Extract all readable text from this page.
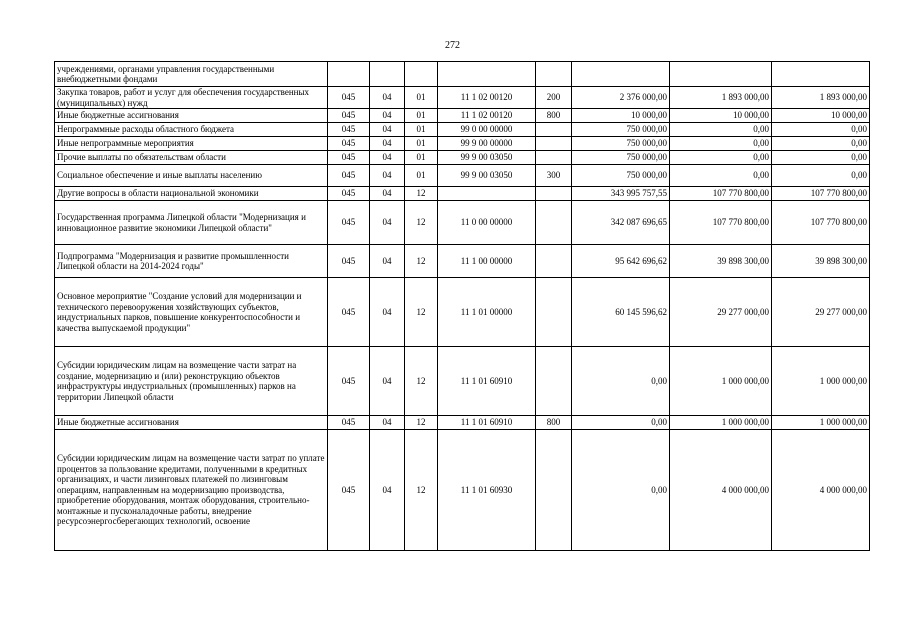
272
учреждениями, органами управления государственными внебюджетными фондами								
Закупка товаров, работ и услуг для обеспечения государственных (муниципальных) нужд	045	04	01	11 1 02 00120	200	2 376 000,00	1 893 000,00	1 893 000,00
Иные бюджетные ассигнования	045	04	01	11 1 02 00120	800	10 000,00	10 000,00	10 000,00
Непрограммные расходы областного бюджета	045	04	01	99 0 00 00000		750 000,00	0,00	0,00
Иные непрограммные мероприятия	045	04	01	99 9 00 00000		750 000,00	0,00	0,00
Прочие выплаты по обязательствам области	045	04	01	99 9 00 03050		750 000,00	0,00	0,00
Социальное обеспечение и иные выплаты населению	045	04	01	99 9 00 03050	300	750 000,00	0,00	0,00
Другие вопросы в области национальной экономики	045	04	12			343 995 757,55	107 770 800,00	107 770 800,00
Государственная программа Липецкой области "Модернизация и инновационное развитие экономики Липецкой области"	045	04	12	11 0 00 00000		342 087 696,65	107 770 800,00	107 770 800,00
Подпрограмма "Модернизация и развитие промышленности Липецкой области на 2014-2024 годы"	045	04	12	11 1 00 00000		95 642 696,62	39 898 300,00	39 898 300,00
Основное мероприятие "Создание условий для модернизации и технического перевооружения хозяйствующих субъектов, индустриальных парков, повышение конкурентоспособности и качества выпускаемой продукции"	045	04	12	11 1 01 00000		60 145 596,62	29 277 000,00	29 277 000,00
Субсидии юридическим лицам на возмещение части затрат на создание, модернизацию и (или) реконструкцию объектов инфраструктуры индустриальных (промышленных) парков на территории Липецкой области	045	04	12	11 1 01 60910		0,00	1 000 000,00	1 000 000,00
Иные бюджетные ассигнования	045	04	12	11 1 01 60910	800	0,00	1 000 000,00	1 000 000,00
Субсидии юридическим лицам на возмещение части затрат по уплате процентов за пользование кредитами, полученными в кредитных организациях, и части лизинговых платежей по лизинговым операциям, направленным на модернизацию производства, приобретение оборудования, монтаж оборудования, строительно-монтажные и пусконаладочные работы, внедрение ресурсоэнергосберегающих технологий, освоение	045	04	12	11 1 01 60930		0,00	4 000 000,00	4 000 000,00
